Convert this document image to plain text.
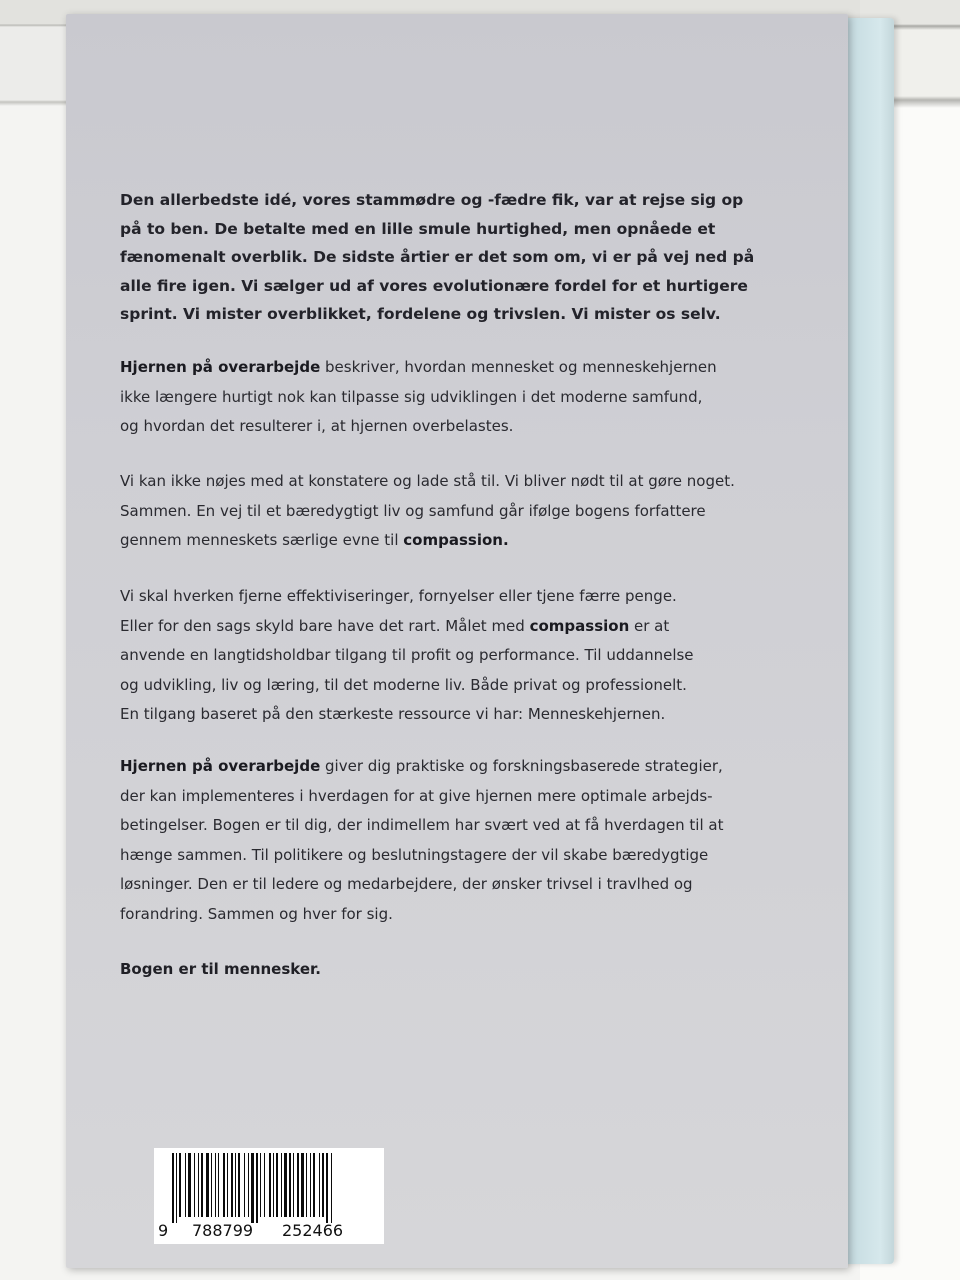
Den allerbedste idé, vores stammødre og -fædre fik, var at rejse sig op
på to ben. De betalte med en lille smule hurtighed, men opnåede et
fænomenalt overblik. De sidste årtier er det som om, vi er på vej ned på
alle fire igen. Vi sælger ud af vores evolutionære fordel for et hurtigere
sprint. Vi mister overblikket, fordelene og trivslen. Vi mister os selv.
Hjernen på overarbejde beskriver, hvordan mennesket og menneskehjernen
ikke længere hurtigt nok kan tilpasse sig udviklingen i det moderne samfund,
og hvordan det resulterer i, at hjernen overbelastes.
Vi kan ikke nøjes med at konstatere og lade stå til. Vi bliver nødt til at gøre noget.
Sammen. En vej til et bæredygtigt liv og samfund går ifølge bogens forfattere
gennem menneskets særlige evne til compassion.
Vi skal hverken fjerne effektiviseringer, fornyelser eller tjene færre penge.
Eller for den sags skyld bare have det rart. Målet med compassion er at
anvende en langtidsholdbar tilgang til profit og performance. Til uddannelse
og udvikling, liv og læring, til det moderne liv. Både privat og professionelt.
En tilgang baseret på den stærkeste ressource vi har: Menneskehjernen.
Hjernen på overarbejde giver dig praktiske og forskningsbaserede strategier,
der kan implementeres i hverdagen for at give hjernen mere optimale arbejds-
betingelser. Bogen er til dig, der indimellem har svært ved at få hverdagen til at
hænge sammen. Til politikere og beslutningstagere der vil skabe bæredygtige
løsninger. Den er til ledere og medarbejdere, der ønsker trivsel i travlhed og
forandring. Sammen og hver for sig.
Bogen er til mennesker.
9 788799 252466
